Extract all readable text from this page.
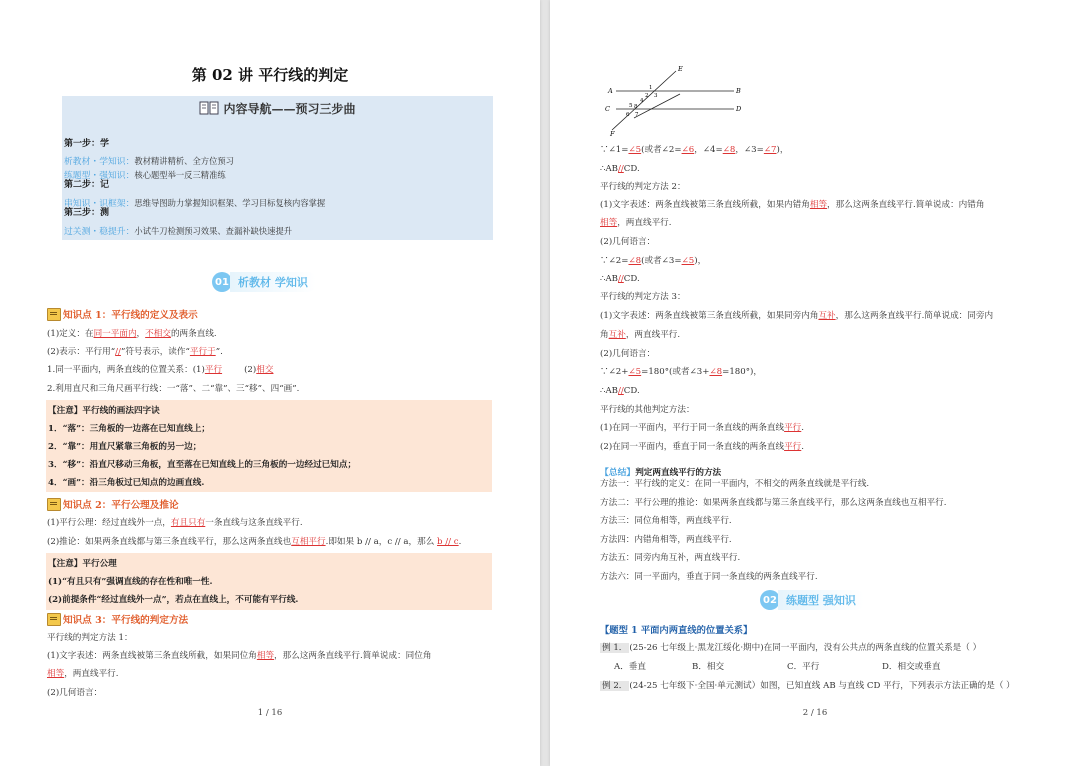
第 02 讲 平行线的判定
内容导航——预习三步曲
第一步：学
析教材・学知识：教材精讲精析、全方位预习
练题型・强知识：核心题型举一反三精准练
第二步：记
串知识・识框架：思维导图助力掌握知识框架、学习目标复核内容掌握
第三步：测
过关测・稳提升：小试牛刀检测预习效果、查漏补缺快速提升
01 析教材 学知识
知识点 1：平行线的定义及表示
(1)定义：在同一平面内，不相交的两条直线.
(2)表示：平行用“//”符号表示，读作“平行于”.
1.同一平面内，两条直线的位置关系：(1)平行	(2)相交
2.利用直尺和三角尺画平行线：一“落”、二“靠”、三“移”、四“画”.
【注意】平行线的画法四字诀
1．“落”：三角板的一边落在已知直线上；
2．“靠”：用直尺紧靠三角板的另一边；
3．“移”：沿直尺移动三角板，直至落在已知直线上的三角板的一边经过已知点；
4．“画”：沿三角板过已知点的边画直线.
知识点 2：平行公理及推论
(1)平行公理：经过直线外一点，有且只有一条直线与这条直线平行.
(2)推论：如果两条直线都与第三条直线平行，那么这两条直线也互相平行.即如果 b // a，c // a，那么 b // c.
【注意】平行公理
(1)“有且只有”强调直线的存在性和唯一性.
(2)前提条件“经过直线外一点”，若点在直线上，不可能有平行线.
知识点 3：平行线的判定方法
平行线的判定方法 1：
(1)文字表述：两条直线被第三条直线所截，如果同位角相等，那么这两条直线平行.简单说成：同位角
相等，两直线平行.
(2)几何语言：
1 / 16
E
A	B
C	D
F
1
2 3
4
5
6 7
8
∵∠1=∠5(或者∠2=∠6，∠4=∠8，∠3=∠7)，
∴AB//CD.
平行线的判定方法 2：
(1)文字表述：两条直线被第三条直线所截，如果内错角相等，那么这两条直线平行.简单说成：内错角
相等，两直线平行.
(2)几何语言：
∵∠2=∠8(或者∠3=∠5)，
∴AB//CD.
平行线的判定方法 3：
(1)文字表述：两条直线被第三条直线所截，如果同旁内角互补，那么这两条直线平行.简单说成：同旁内
角互补，两直线平行.
(2)几何语言：
∵∠2+∠5=180°(或者∠3+∠8=180°)，
∴AB//CD.
平行线的其他判定方法：
(1)在同一平面内，平行于同一条直线的两条直线平行.
(2)在同一平面内，垂直于同一条直线的两条直线平行.
【总结】判定两直线平行的方法
方法一：平行线的定义：在同一平面内，不相交的两条直线就是平行线.
方法二：平行公理的推论：如果两条直线都与第三条直线平行，那么这两条直线也互相平行.
方法三：同位角相等，两直线平行.
方法四：内错角相等，两直线平行.
方法五：同旁内角互补，两直线平行.
方法六：同一平面内，垂直于同一条直线的两条直线平行.
02 练题型 强知识
【题型 1 平面内两直线的位置关系】
例 1． (25-26 七年级上·黑龙江绥化·期中)在同一平面内，没有公共点的两条直线的位置关系是（ ）
A．垂直	B．相交	C．平行	D．相交或垂直
例 2． (24-25 七年级下·全国·单元测试）如图，已知直线 AB 与直线 CD 平行，下列表示方法正确的是（ ）
2 / 16
